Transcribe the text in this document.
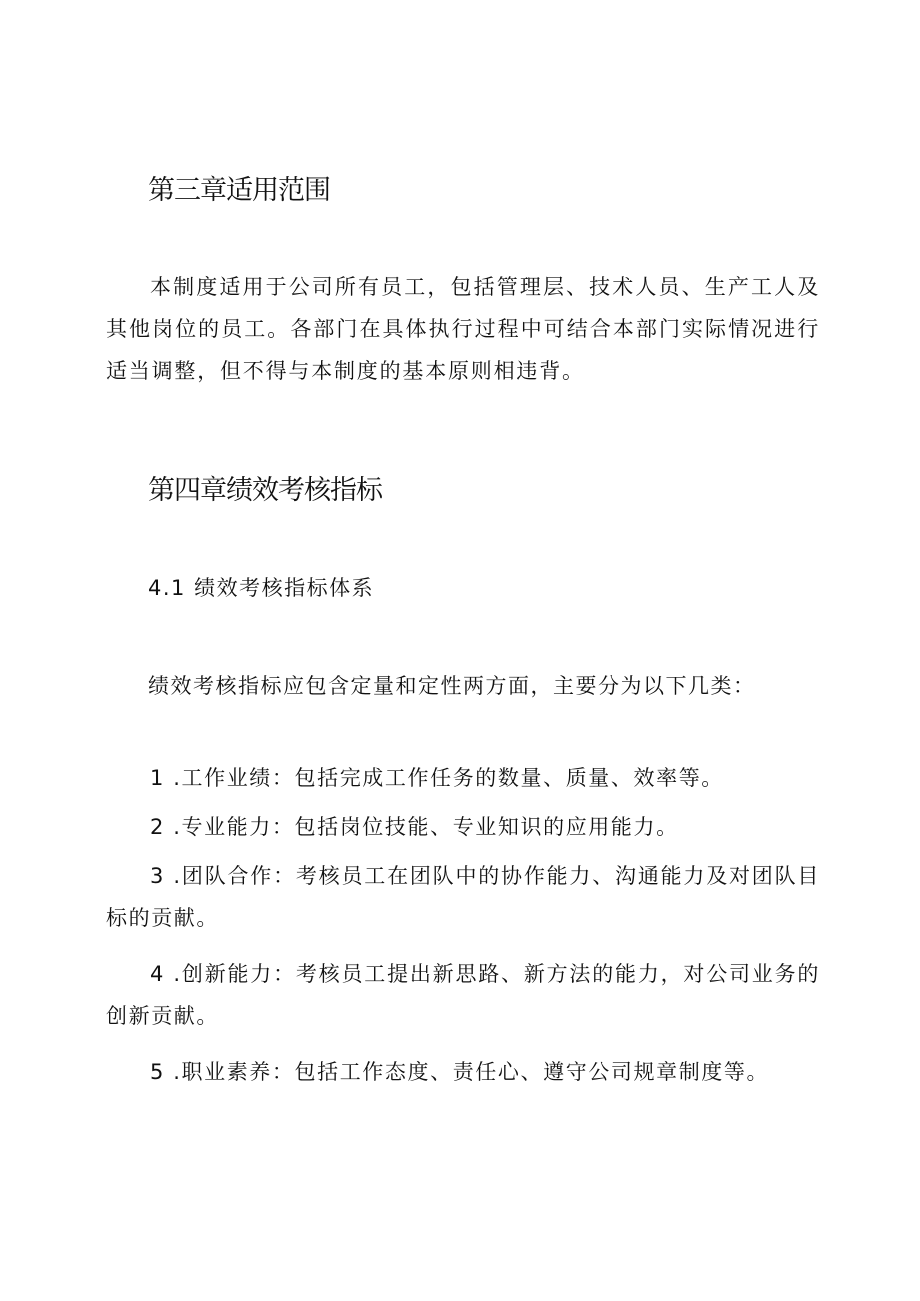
第三章适用范围

本制度适用于公司所有员工，包括管理层、技术人员、生产工人及其他岗位的员工。各部门在具体执行过程中可结合本部门实际情况进行适当调整，但不得与本制度的基本原则相违背。

第四章绩效考核指标
4.1 绩效考核指标体系
绩效考核指标应包含定量和定性两方面，主要分为以下几类：

1 .工作业绩：包括完成工作任务的数量、质量、效率等。

2 .专业能力：包括岗位技能、专业知识的应用能力。

3 .团队合作：考核员工在团队中的协作能力、沟通能力及对团队目标的贡献。

4 .创新能力：考核员工提出新思路、新方法的能力，对公司业务的创新贡献。

5 .职业素养：包括工作态度、责任心、遵守公司规章制度等。
